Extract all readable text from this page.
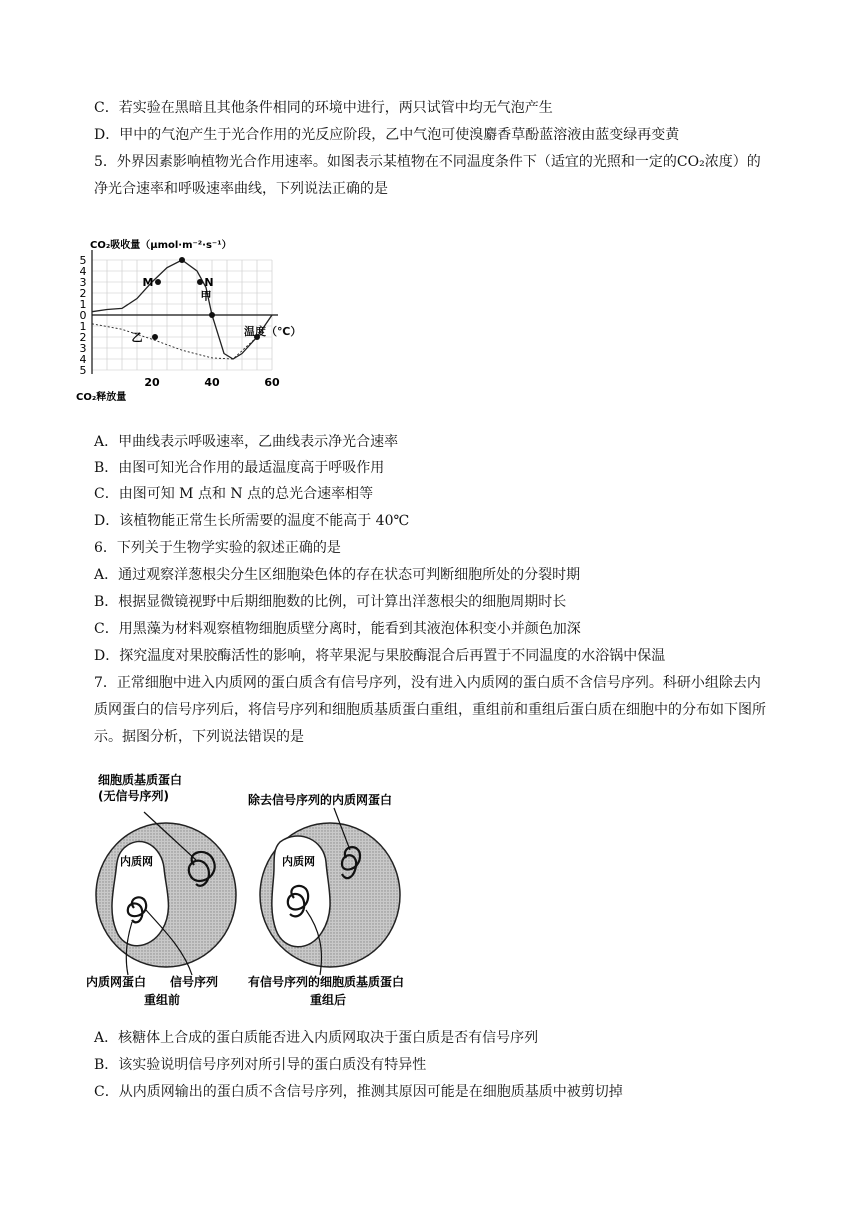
C．若实验在黑暗且其他条件相同的环境中进行，两只试管中均无气泡产生
D．甲中的气泡产生于光合作用的光反应阶段，乙中气泡可使溴麝香草酚蓝溶液由蓝变绿再变黄
5．外界因素影响植物光合作用速率。如图表示某植物在不同温度条件下（适宜的光照和一定的CO₂浓度）的
净光合速率和呼吸速率曲线，下列说法正确的是
5
4
3
2
1
0
1
2
3
4
5
20	40	60
CO₂吸收量（μmol·m⁻²·s⁻¹）
CO₂释放量
温度（℃）
甲
乙
M	N
A．甲曲线表示呼吸速率，乙曲线表示净光合速率
B．由图可知光合作用的最适温度高于呼吸作用
C．由图可知 M 点和 N 点的总光合速率相等
D．该植物能正常生长所需要的温度不能高于 40℃
6．下列关于生物学实验的叙述正确的是
A．通过观察洋葱根尖分生区细胞染色体的存在状态可判断细胞所处的分裂时期
B．根据显微镜视野中后期细胞数的比例，可计算出洋葱根尖的细胞周期时长
C．用黑藻为材料观察植物细胞质壁分离时，能看到其液泡体积变小并颜色加深
D．探究温度对果胶酶活性的影响，将苹果泥与果胶酶混合后再置于不同温度的水浴锅中保温
7．正常细胞中进入内质网的蛋白质含有信号序列，没有进入内质网的蛋白质不含信号序列。科研小组除去内
质网蛋白的信号序列后，将信号序列和细胞质基质蛋白重组，重组前和重组后蛋白质在细胞中的分布如下图所
示。据图分析，下列说法错误的是
细胞质基质蛋白
(无信号序列)
内质网
内质网蛋白 信号序列
重组前
除去信号序列的内质网蛋白
内质网
有信号序列的细胞质基质蛋白
重组后
A．核糖体上合成的蛋白质能否进入内质网取决于蛋白质是否有信号序列
B．该实验说明信号序列对所引导的蛋白质没有特异性
C．从内质网输出的蛋白质不含信号序列，推测其原因可能是在细胞质基质中被剪切掉
